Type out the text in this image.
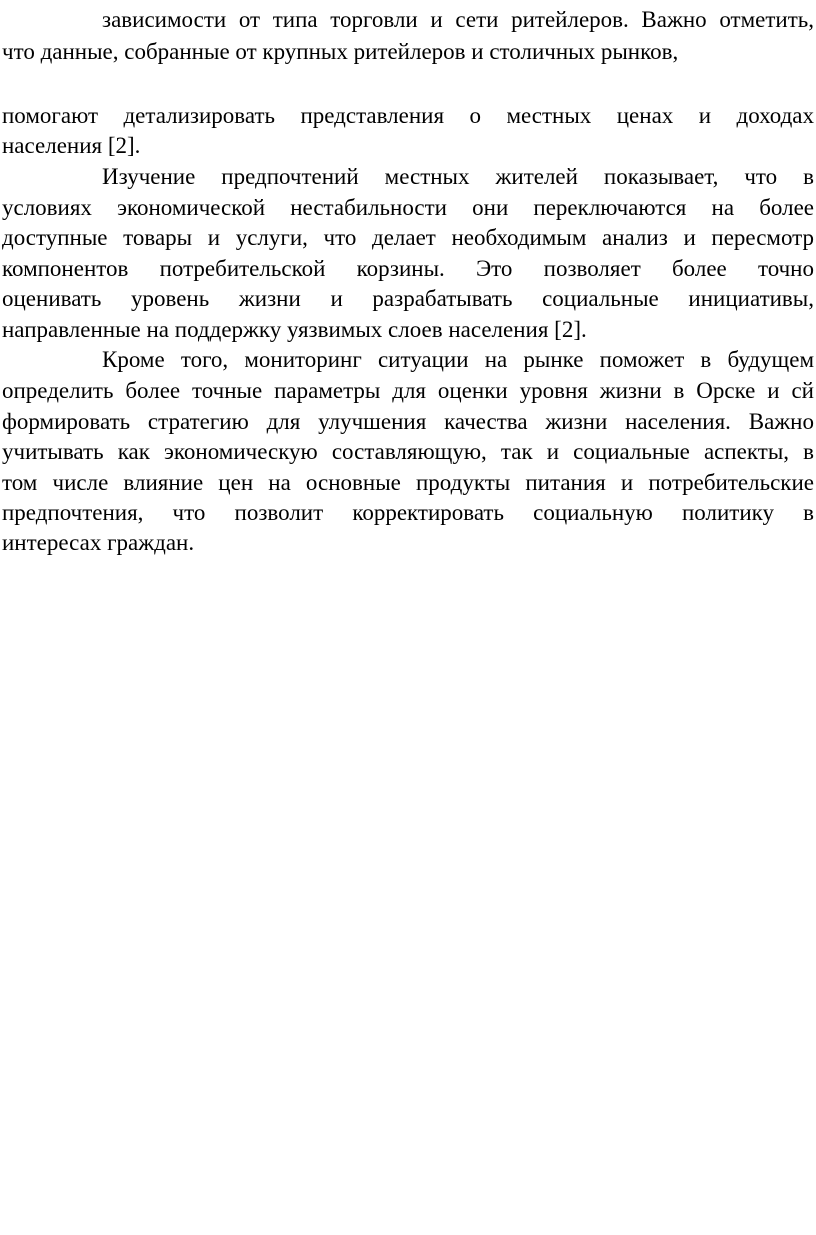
зависимости от типа торговли и сети ритейлеров. Важно отметить,
что данные, собранные от крупных ритейлеров и столичных рынков,
помогают детализировать представления о местных ценах и доходах
населения [2].
Изучение предпочтений местных жителей показывает, что в
условиях экономической нестабильности они переключаются на более
доступные товары и услуги, что делает необходимым анализ и пересмотр
компонентов потребительской корзины. Это позволяет более точно
оценивать уровень жизни и разрабатывать социальные инициативы,
направленные на поддержку уязвимых слоев населения [2].
Кроме того, мониторинг ситуации на рынке поможет в будущем
определить более точные параметры для оценки уровня жизни в Орске и сй
формировать стратегию для улучшения качества жизни населения. Важно
учитывать как экономическую составляющую, так и социальные аспекты, в
том числе влияние цен на основные продукты питания и потребительские
предпочтения, что позволит корректировать социальную политику в
интересах граждан.
